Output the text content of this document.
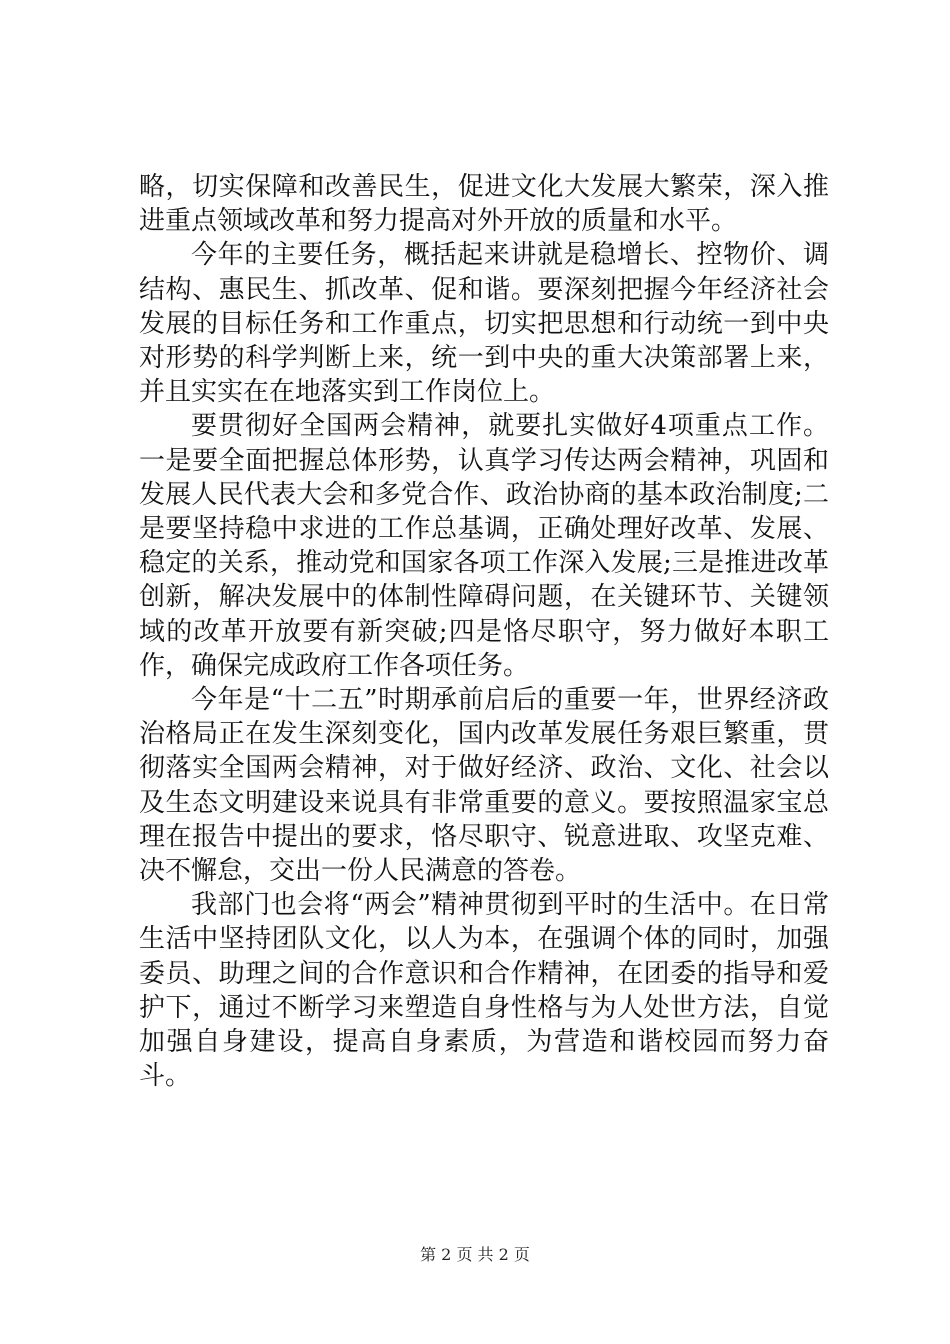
略，切实保障和改善民生，促进文化大发展大繁荣，深入推进重点领域改革和努力提高对外开放的质量和水平。

今年的主要任务，概括起来讲就是稳增长、控物价、调结构、惠民生、抓改革、促和谐。要深刻把握今年经济社会发展的目标任务和工作重点，切实把思想和行动统一到中央对形势的科学判断上来，统一到中央的重大决策部署上来，并且实实在在地落实到工作岗位上。

要贯彻好全国两会精神，就要扎实做好4项重点工作。一是要全面把握总体形势，认真学习传达两会精神，巩固和发展人民代表大会和多党合作、政治协商的基本政治制度;二是要坚持稳中求进的工作总基调，正确处理好改革、发展、稳定的关系，推动党和国家各项工作深入发展;三是推进改革创新，解决发展中的体制性障碍问题，在关键环节、关键领域的改革开放要有新突破;四是恪尽职守，努力做好本职工作，确保完成政府工作各项任务。

今年是“十二五”时期承前启后的重要一年，世界经济政治格局正在发生深刻变化，国内改革发展任务艰巨繁重，贯彻落实全国两会精神，对于做好经济、政治、文化、社会以及生态文明建设来说具有非常重要的意义。要按照温家宝总理在报告中提出的要求，恪尽职守、锐意进取、攻坚克难、决不懈怠，交出一份人民满意的答卷。

我部门也会将“两会”精神贯彻到平时的生活中。在日常生活中坚持团队文化，以人为本，在强调个体的同时，加强委员、助理之间的合作意识和合作精神，在团委的指导和爱护下，通过不断学习来塑造自身性格与为人处世方法，自觉加强自身建设，提高自身素质，为营造和谐校园而努力奋斗。

第 2 页 共 2 页
